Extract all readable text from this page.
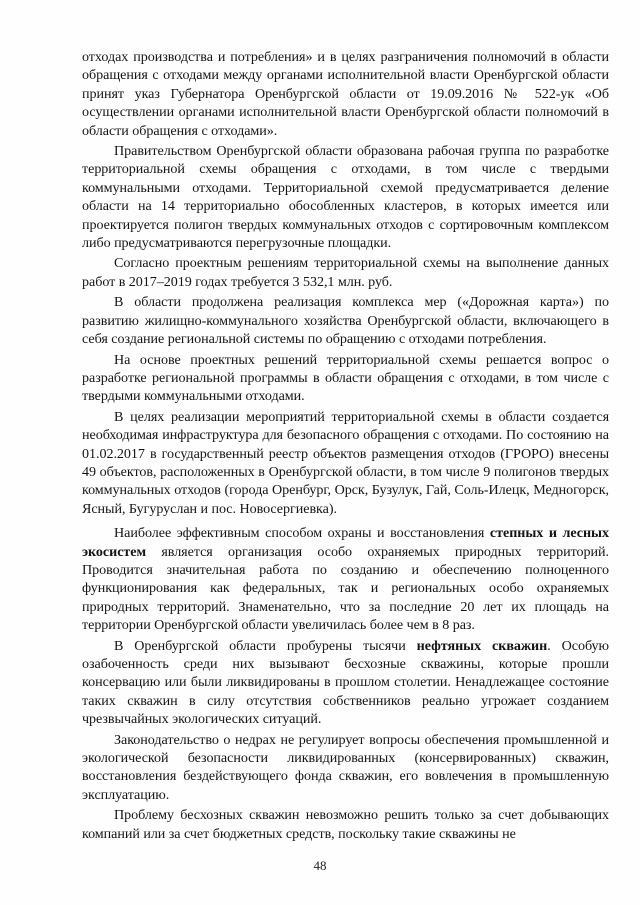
отходах производства и потребления» и в целях разграничения полномочий в области обращения с отходами между органами исполнительной власти Оренбургской области принят указ Губернатора Оренбургской области от 19.09.2016 № 522-ук «Об осуществлении органами исполнительной власти Оренбургской области полномочий в области обращения с отходами».

Правительством Оренбургской области образована рабочая группа по разработке территориальной схемы обращения с отходами, в том числе с твердыми коммунальными отходами. Территориальной схемой предусматривается деление области на 14 территориально обособленных кластеров, в которых имеется или проектируется полигон твердых коммунальных отходов с сортировочным комплексом либо предусматриваются перегрузочные площадки.

Согласно проектным решениям территориальной схемы на выполнение данных работ в 2017–2019 годах требуется 3 532,1 млн. руб.

В области продолжена реализация комплекса мер («Дорожная карта») по развитию жилищно-коммунального хозяйства Оренбургской области, включающего в себя создание региональной системы по обращению с отходами потребления.

На основе проектных решений территориальной схемы решается вопрос о разработке региональной программы в области обращения с отходами, в том числе с твердыми коммунальными отходами.

В целях реализации мероприятий территориальной схемы в области создается необходимая инфраструктура для безопасного обращения с отходами. По состоянию на 01.02.2017 в государственный реестр объектов размещения отходов (ГРОРО) внесены 49 объектов, расположенных в Оренбургской области, в том числе 9 полигонов твердых коммунальных отходов (города Оренбург, Орск, Бузулук, Гай, Соль-Илецк, Медногорск, Ясный, Бугуруслан и пос. Новосергиевка).

Наиболее эффективным способом охраны и восстановления степных и лесных экосистем является организация особо охраняемых природных территорий. Проводится значительная работа по созданию и обеспечению полноценного функционирования как федеральных, так и региональных особо охраняемых природных территорий. Знаменательно, что за последние 20 лет их площадь на территории Оренбургской области увеличилась более чем в 8 раз.

В Оренбургской области пробурены тысячи нефтяных скважин. Особую озабоченность среди них вызывают бесхозные скважины, которые прошли консервацию или были ликвидированы в прошлом столетии. Ненадлежащее состояние таких скважин в силу отсутствия собственников реально угрожает созданием чрезвычайных экологических ситуаций.

Законодательство о недрах не регулирует вопросы обеспечения промышленной и экологической безопасности ликвидированных (консервированных) скважин, восстановления бездействующего фонда скважин, его вовлечения в промышленную эксплуатацию.

Проблему бесхозных скважин невозможно решить только за счет добывающих компаний или за счет бюджетных средств, поскольку такие скважины не

48
